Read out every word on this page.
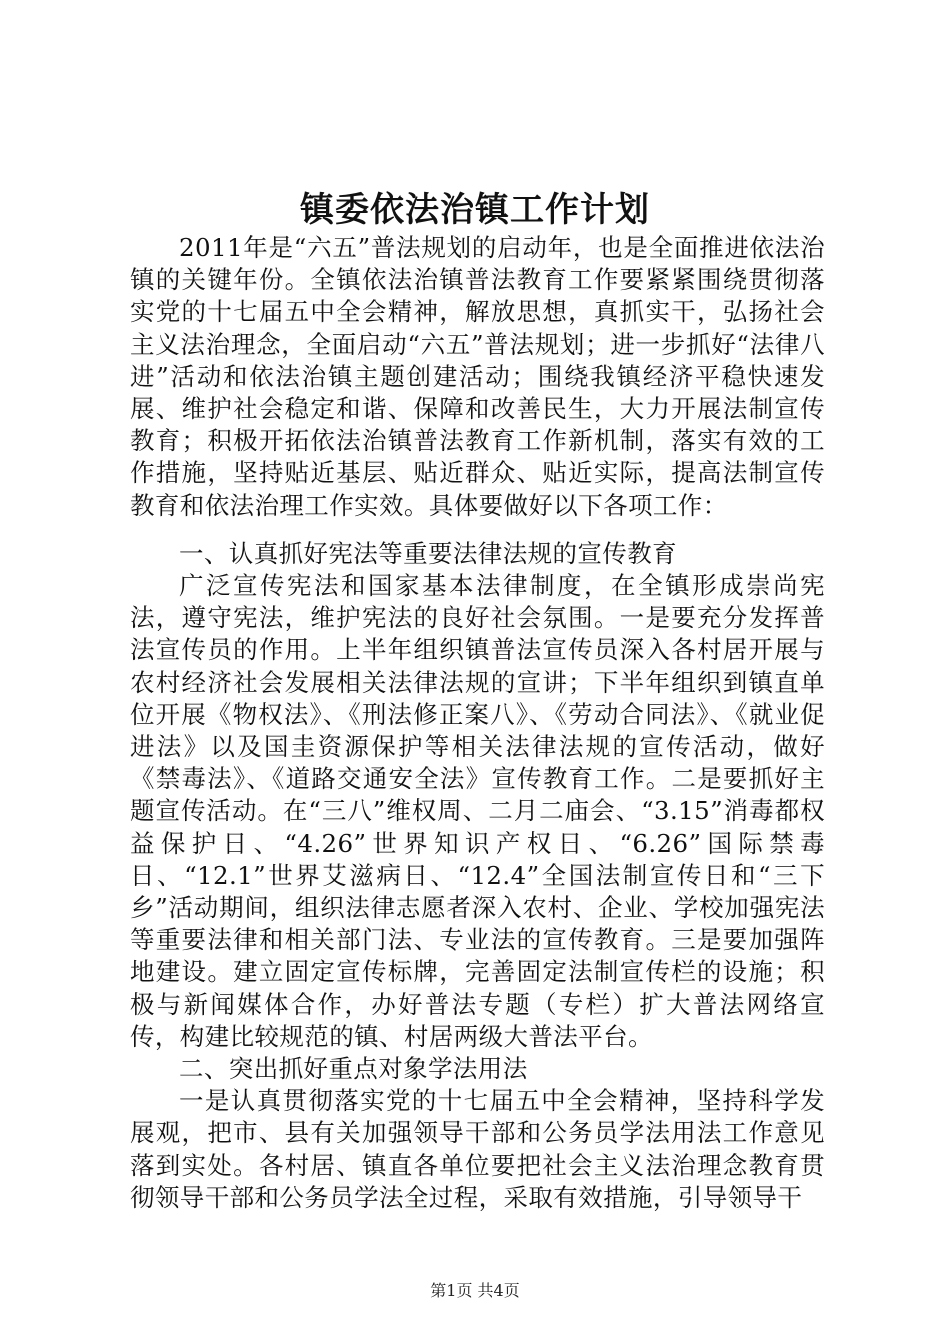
镇委依法治镇工作计划

2011年是“六五”普法规划的启动年，也是全面推进依法治镇的关键年份。全镇依法治镇普法教育工作要紧紧围绕贯彻落实党的十七届五中全会精神，解放思想，真抓实干，弘扬社会主义法治理念，全面启动“六五”普法规划；进一步抓好“法律八进”活动和依法治镇主题创建活动；围绕我镇经济平稳快速发展、维护社会稳定和谐、保障和改善民生，大力开展法制宣传教育；积极开拓依法治镇普法教育工作新机制，落实有效的工作措施，坚持贴近基层、贴近群众、贴近实际，提高法制宣传教育和依法治理工作实效。具体要做好以下各项工作：

一、认真抓好宪法等重要法律法规的宣传教育

广泛宣传宪法和国家基本法律制度，在全镇形成崇尚宪法，遵守宪法，维护宪法的良好社会氛围。一是要充分发挥普法宣传员的作用。上半年组织镇普法宣传员深入各村居开展与农村经济社会发展相关法律法规的宣讲；下半年组织到镇直单位开展《物权法》、《刑法修正案八》、《劳动合同法》、《就业促进法》以及国圭资源保护等相关法律法规的宣传活动，做好《禁毒法》、《道路交通安全法》宣传教育工作。二是要抓好主题宣传活动。在“三八”维权周、二月二庙会、“3.15”消毒都权益保护日、“4.26”世界知识产权日、“6.26”国际禁毒日、“12.1”世界艾滋病日、“12.4”全国法制宣传日和“三下乡”活动期间，组织法律志愿者深入农村、企业、学校加强宪法等重要法律和相关部门法、专业法的宣传教育。三是要加强阵地建设。建立固定宣传标牌，完善固定法制宣传栏的设施；积极与新闻媒体合作，办好普法专题（专栏）扩大普法网络宣传，构建比较规范的镇、村居两级大普法平台。

二、突出抓好重点对象学法用法

一是认真贯彻落实党的十七届五中全会精神，坚持科学发展观，把市、县有关加强领导干部和公务员学法用法工作意见落到实处。各村居、镇直各单位要把社会主义法治理念教育贯彻领导干部和公务员学法全过程，采取有效措施，引导领导干

第1页 共4页
